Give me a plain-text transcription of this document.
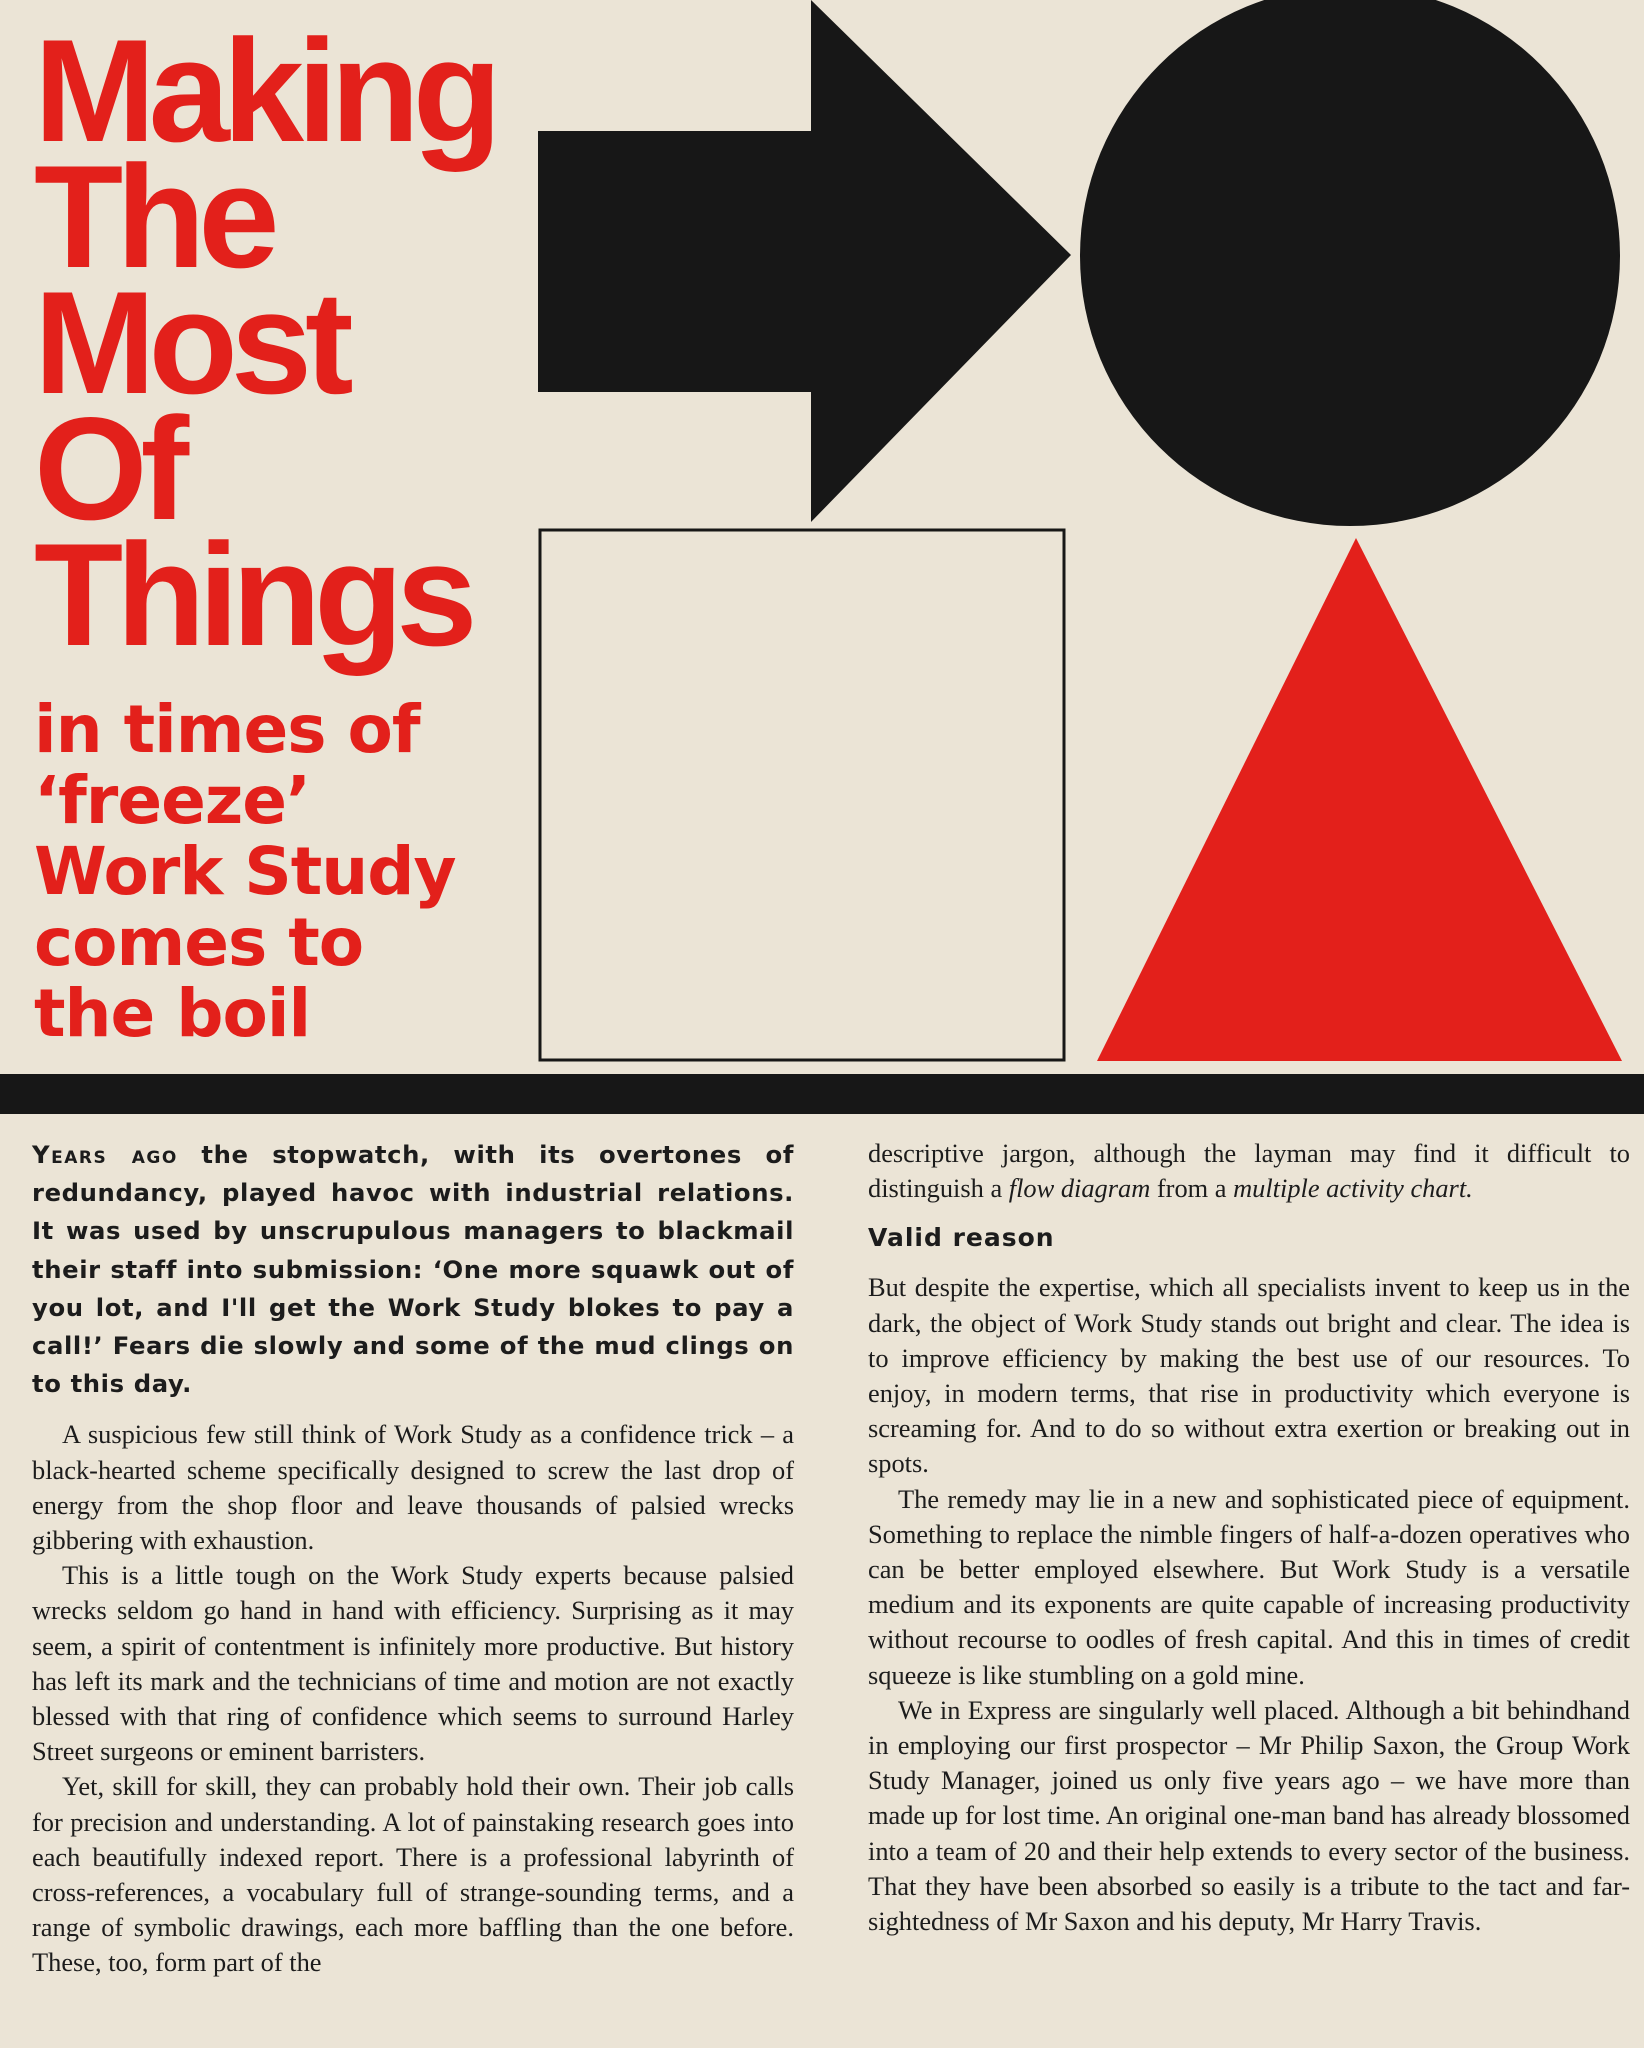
Making
The
Most
Of
Things
in times of
‘freeze’
Work Study
comes to
the boil

Years ago the stopwatch, with its overtones of redundancy, played havoc with industrial relations. It was used by unscrupulous managers to blackmail their staff into submission: ‘One more squawk out of you lot, and I'll get the Work Study blokes to pay a call!’ Fears die slowly and some of the mud clings on to this day.

A suspicious few still think of Work Study as a confidence trick – a black-hearted scheme specifically designed to screw the last drop of energy from the shop floor and leave thousands of palsied wrecks gibbering with exhaustion.

This is a little tough on the Work Study experts because palsied wrecks seldom go hand in hand with efficiency. Surprising as it may seem, a spirit of contentment is infinitely more productive. But history has left its mark and the technicians of time and motion are not exactly blessed with that ring of confidence which seems to surround Harley Street surgeons or eminent barristers.

Yet, skill for skill, they can probably hold their own. Their job calls for precision and understanding. A lot of painstaking research goes into each beautifully indexed report. There is a professional labyrinth of cross-references, a vocabulary full of strange-sounding terms, and a range of symbolic drawings, each more baffling than the one before. These, too, form part of the

descriptive jargon, although the layman may find it difficult to distinguish a flow diagram from a multiple activity chart.

Valid reason

But despite the expertise, which all specialists invent to keep us in the dark, the object of Work Study stands out bright and clear. The idea is to improve efficiency by making the best use of our resources. To enjoy, in modern terms, that rise in productivity which everyone is screaming for. And to do so without extra exertion or breaking out in spots.

The remedy may lie in a new and sophisticated piece of equipment. Something to replace the nimble fingers of half-a-dozen operatives who can be better employed elsewhere. But Work Study is a versatile medium and its exponents are quite capable of increasing productivity without recourse to oodles of fresh capital. And this in times of credit squeeze is like stumbling on a gold mine.

We in Express are singularly well placed. Although a bit behindhand in employing our first prospector – Mr Philip Saxon, the Group Work Study Manager, joined us only five years ago – we have more than made up for lost time. An original one-man band has already blossomed into a team of 20 and their help extends to every sector of the business. That they have been absorbed so easily is a tribute to the tact and far-sightedness of Mr Saxon and his deputy, Mr Harry Travis.
